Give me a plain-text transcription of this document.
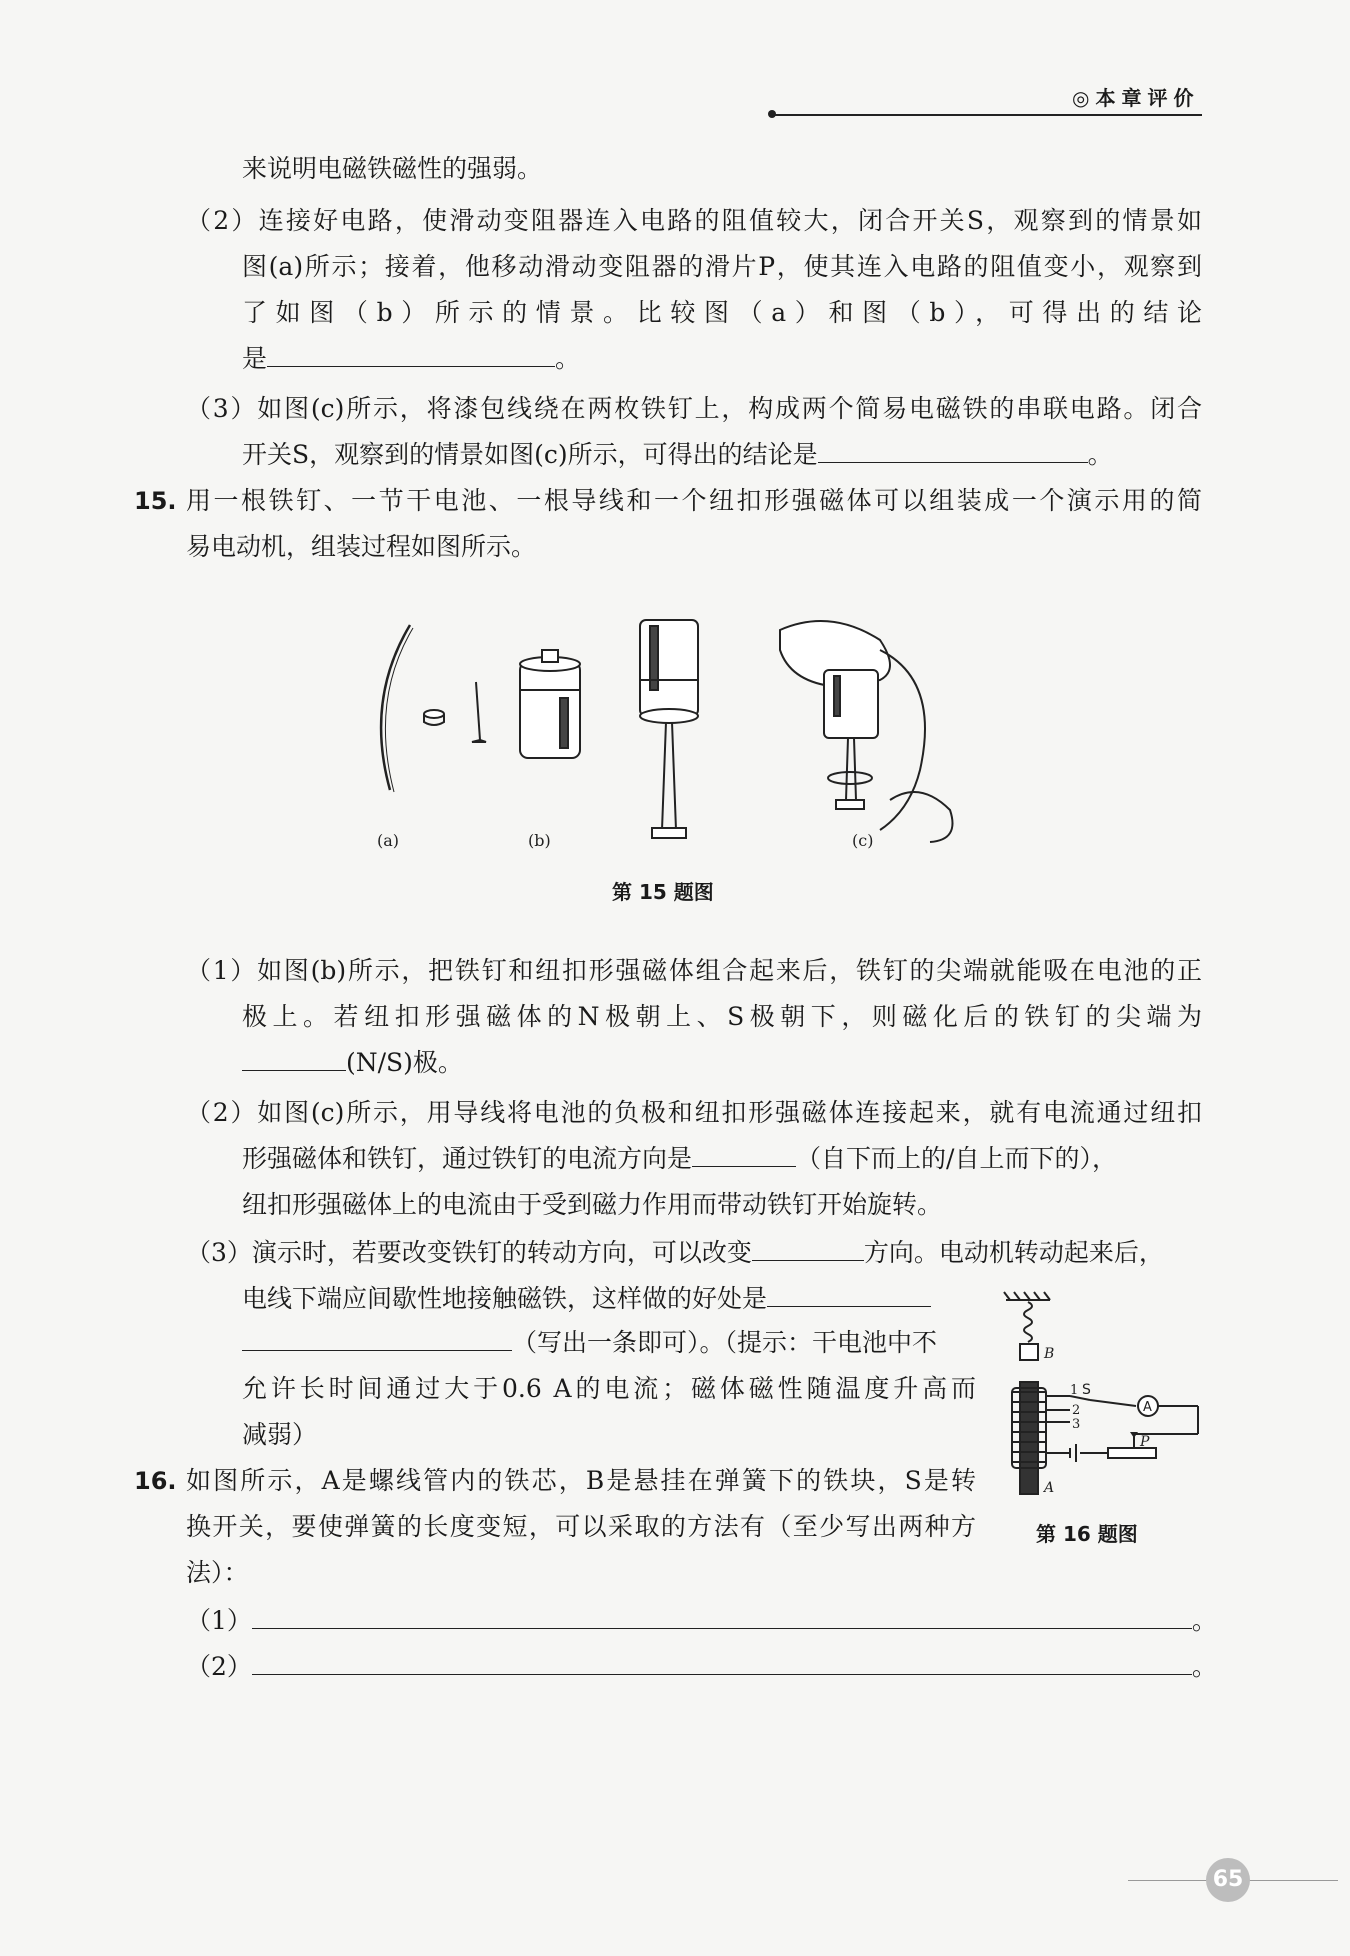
◎本章评价
来说明电磁铁磁性的强弱。
（2）连接好电路，使滑动变阻器连入电路的阻值较大，闭合开关S，观察到的情景如
图(a)所示；接着，他移动滑动变阻器的滑片P，使其连入电路的阻值变小，观察到
了如图（b）所示的情景。比较图（a）和图（b），可得出的结论
是	。
（3）如图(c)所示，将漆包线绕在两枚铁钉上，构成两个简易电磁铁的串联电路。闭合
开关S，观察到的情景如图(c)所示，可得出的结论是	。
15. 用一根铁钉、一节干电池、一根导线和一个纽扣形强磁体可以组装成一个演示用的简
易电动机，组装过程如图所示。
(a)	(b)	(c)
第 15 题图
（1）如图(b)所示，把铁钉和纽扣形强磁体组合起来后，铁钉的尖端就能吸在电池的正
极上。若纽扣形强磁体的N极朝上、S极朝下，则磁化后的铁钉的尖端为
(N/S)极。
（2）如图(c)所示，用导线将电池的负极和纽扣形强磁体连接起来，就有电流通过纽扣
形强磁体和铁钉，通过铁钉的电流方向是	（自下而上的/自上而下的），
纽扣形强磁体上的电流由于受到磁力作用而带动铁钉开始旋转。
（3）演示时，若要改变铁钉的转动方向，可以改变	方向。电动机转动起来后，
电线下端应间歇性地接触磁铁，这样做的好处是
（写出一条即可）。（提示：干电池中不
允许长时间通过大于0.6 A的电流；磁体磁性随温度升高而
减弱）
B
S
1
2
3
A
P
A
第 16 题图
16. 如图所示，A是螺线管内的铁芯，B是悬挂在弹簧下的铁块，S是转
换开关，要使弹簧的长度变短，可以采取的方法有（至少写出两种方
法）：
（1）	。
（2）	。
65
